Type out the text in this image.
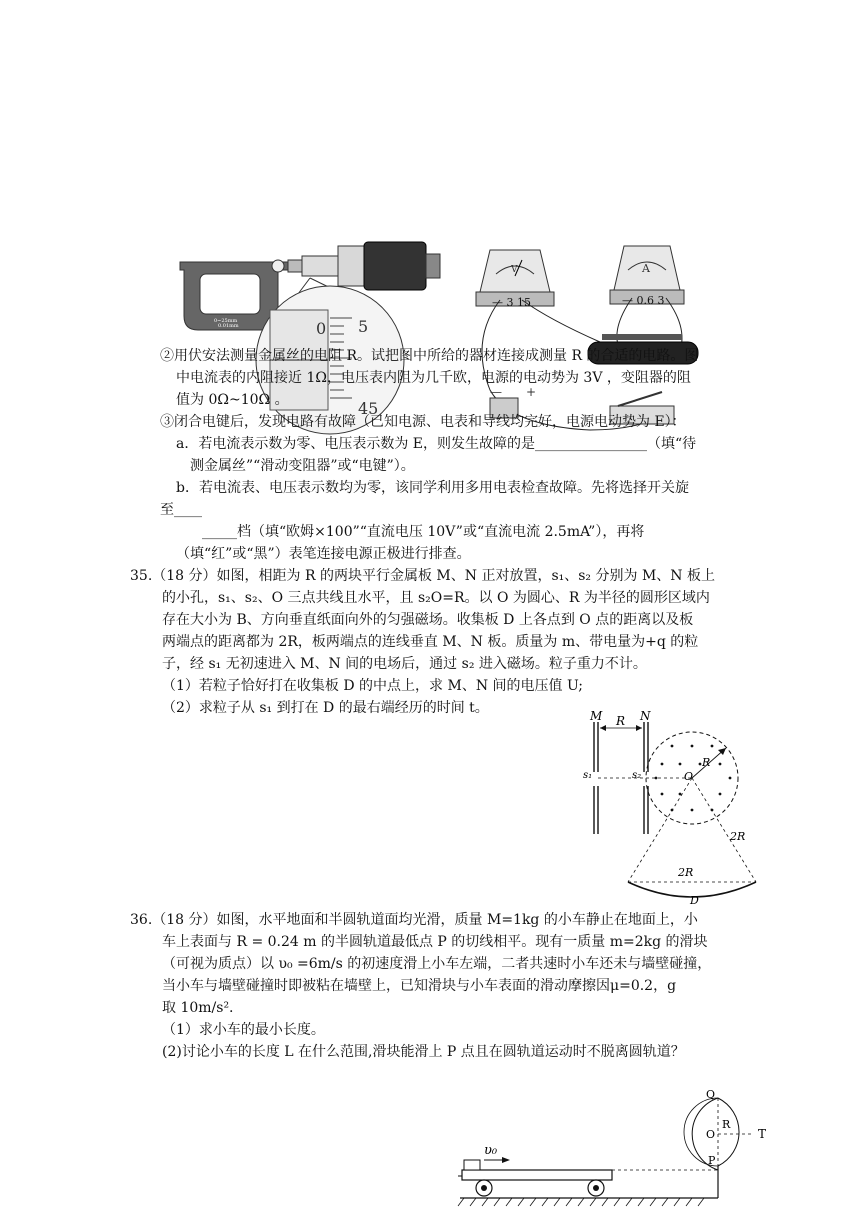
0~25mm
0.01mm	0 5
45
V
— 3 15
A
— 0.6 3
— +
②用伏安法测量金属丝的电阻 R。试把图中所给的器材连接成测量 R 的合适的电路。图
中电流表的内阻接近 1Ω，电压表内阻为几千欧，电源的电动势为 3V ，变阻器的阻
值为 0Ω~10Ω 。
③闭合电键后，发现电路有故障（已知电源、电表和导线均完好，电源电动势为 E）：
a．若电流表示数为零、电压表示数为 E，则发生故障的是________________（填“待
测金属丝”“滑动变阻器”或“电键”）。
b．若电流表、电压表示数均为零，该同学利用多用电表检查故障。先将选择开关旋
至____
_____档（填“欧姆×100”“直流电压 10V”或“直流电流 2.5mA”），再将
（填“红”或“黑”）表笔连接电源正极进行排查。
35.（18 分）如图，相距为 R 的两块平行金属板 M、N 正对放置，s₁、s₂ 分别为 M、N 板上
的小孔，s₁、s₂、O 三点共线且水平，且 s₂O=R。以 O 为圆心、R 为半径的圆形区域内
存在大小为 B、方向垂直纸面向外的匀强磁场。收集板 D 上各点到 O 点的距离以及板
两端点的距离都为 2R，板两端点的连线垂直 M、N 板。质量为 m、带电量为+q 的粒
子，经 s₁ 无初速进入 M、N 间的电场后，通过 s₂ 进入磁场。粒子重力不计。
（1）若粒子恰好打在收集板 D 的中点上，求 M、N 间的电压值 U;
（2）求粒子从 s₁ 到打在 D 的最右端经历的时间 t。	M R N
s₁	s₂	O
R
2R
2R
D
36.（18 分）如图，水平地面和半圆轨道面均光滑，质量 M=1kg 的小车静止在地面上，小
车上表面与 R = 0.24 m 的半圆轨道最低点 P 的切线相平。现有一质量 m=2kg 的滑块
（可视为质点）以 υ₀ =6m/s 的初速度滑上小车左端，二者共速时小车还未与墙壁碰撞，
当小车与墙壁碰撞时即被粘在墙壁上，已知滑块与小车表面的滑动摩擦因μ=0.2，g
取 10m/s².
（1）求小车的最小长度。
(2)讨论小车的长度 L 在什么范围,滑块能滑上 P 点且在圆轨道运动时不脱离圆轨道？
υ₀
Q
O
R
T
P
